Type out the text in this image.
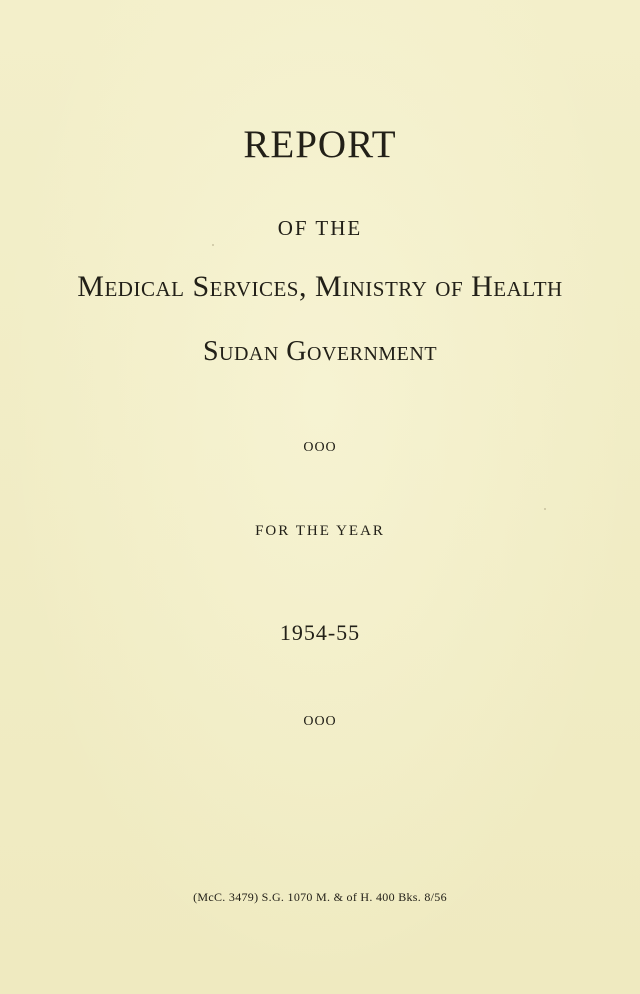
REPORT
OF THE
Medical Services, Ministry of Health
Sudan Government
OOO
FOR THE YEAR
1954-55
OOO
(McC. 3479) S.G. 1070 M. & of H. 400 Bks. 8/56
